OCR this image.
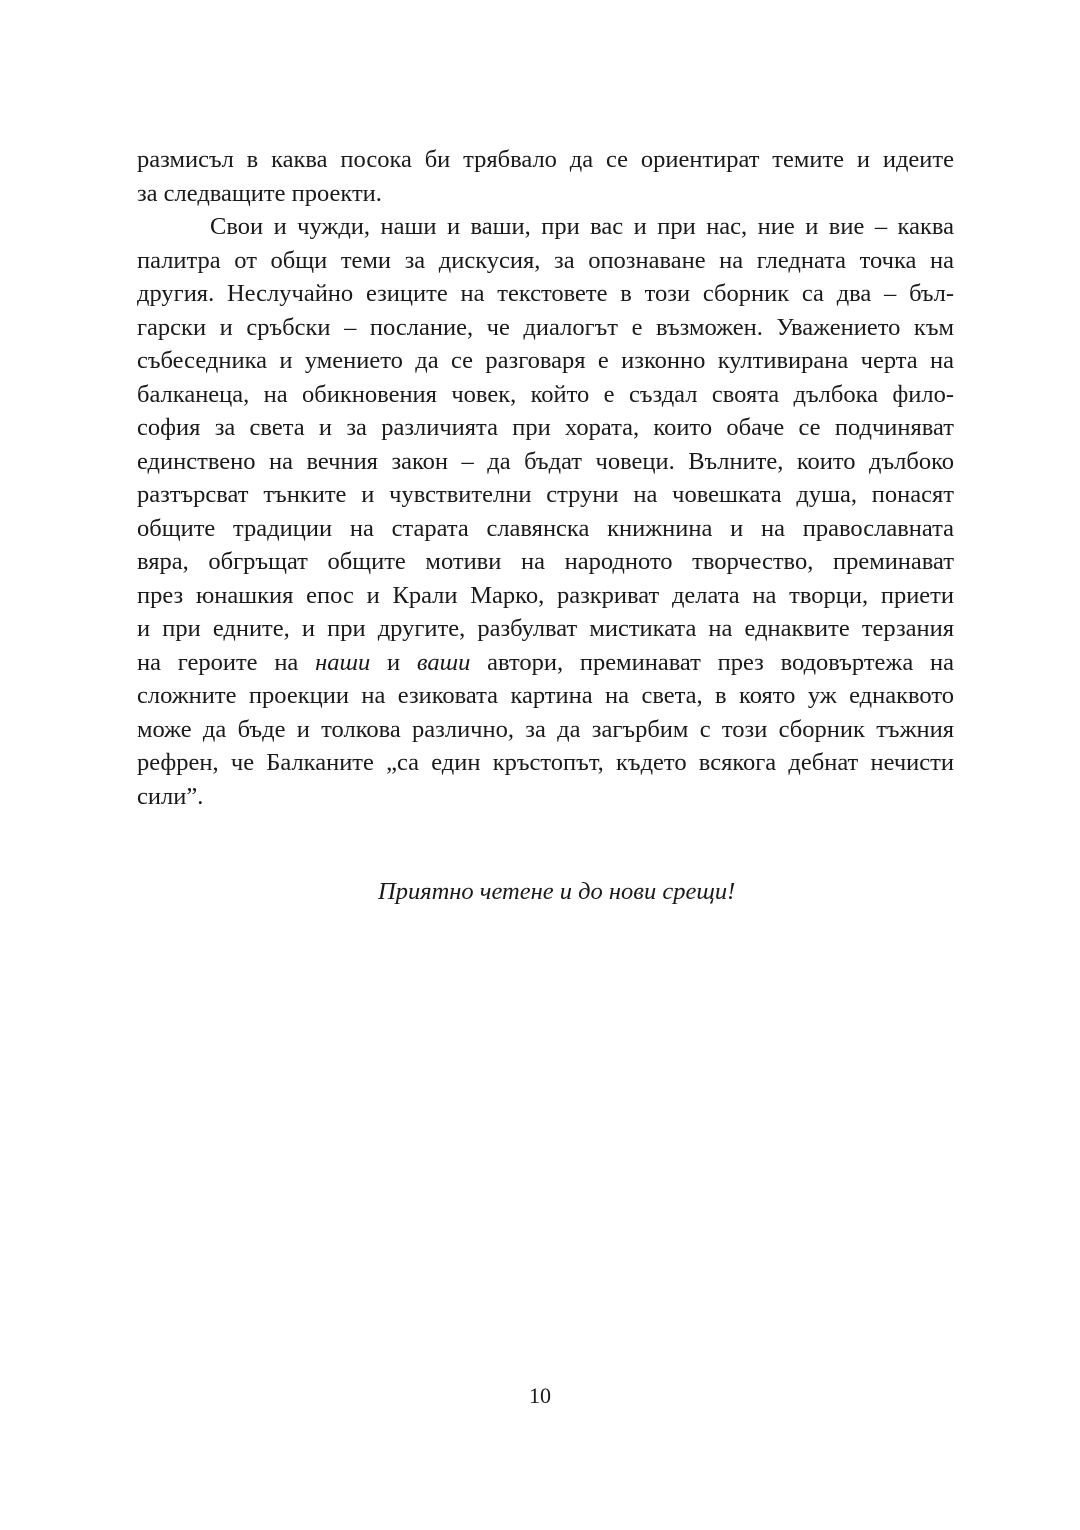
размисъл в каква посока би трябвало да се ориентират темите и идеите
за следващите проекти.
Свои и чужди, наши и ваши, при вас и при нас, ние и вие – каква
палитра от общи теми за дискусия, за опознаване на гледната точка на
другия. Неслучайно езиците на текстовете в този сборник са два – бъл-
гарски и сръбски – послание, че диалогът е възможен. Уважението към
събеседника и умението да се разговаря е изконно култивирана черта на
балканеца, на обикновения човек, който е създал своята дълбока фило-
софия за света и за различията при хората, които обаче се подчиняват
единствено на вечния закон – да бъдат човеци. Вълните, които дълбоко
разтърсват тънките и чувствителни струни на човешката душа, понасят
общите традиции на старата славянска книжнина и на православната
вяра, обгръщат общите мотиви на народното творчество, преминават
през юнашкия епос и Крали Марко, разкриват делата на творци, приети
и при едните, и при другите, разбулват мистиката на еднаквите терзания
на героите на наши и ваши автори, преминават през водовъртежа на
сложните проекции на езиковата картина на света, в която уж еднаквото
може да бъде и толкова различно, за да загърбим с този сборник тъжния
рефрен, че Балканите „са един кръстопът, където всякога дебнат нечисти
сили”.
Приятно четене и до нови срещи!
10
